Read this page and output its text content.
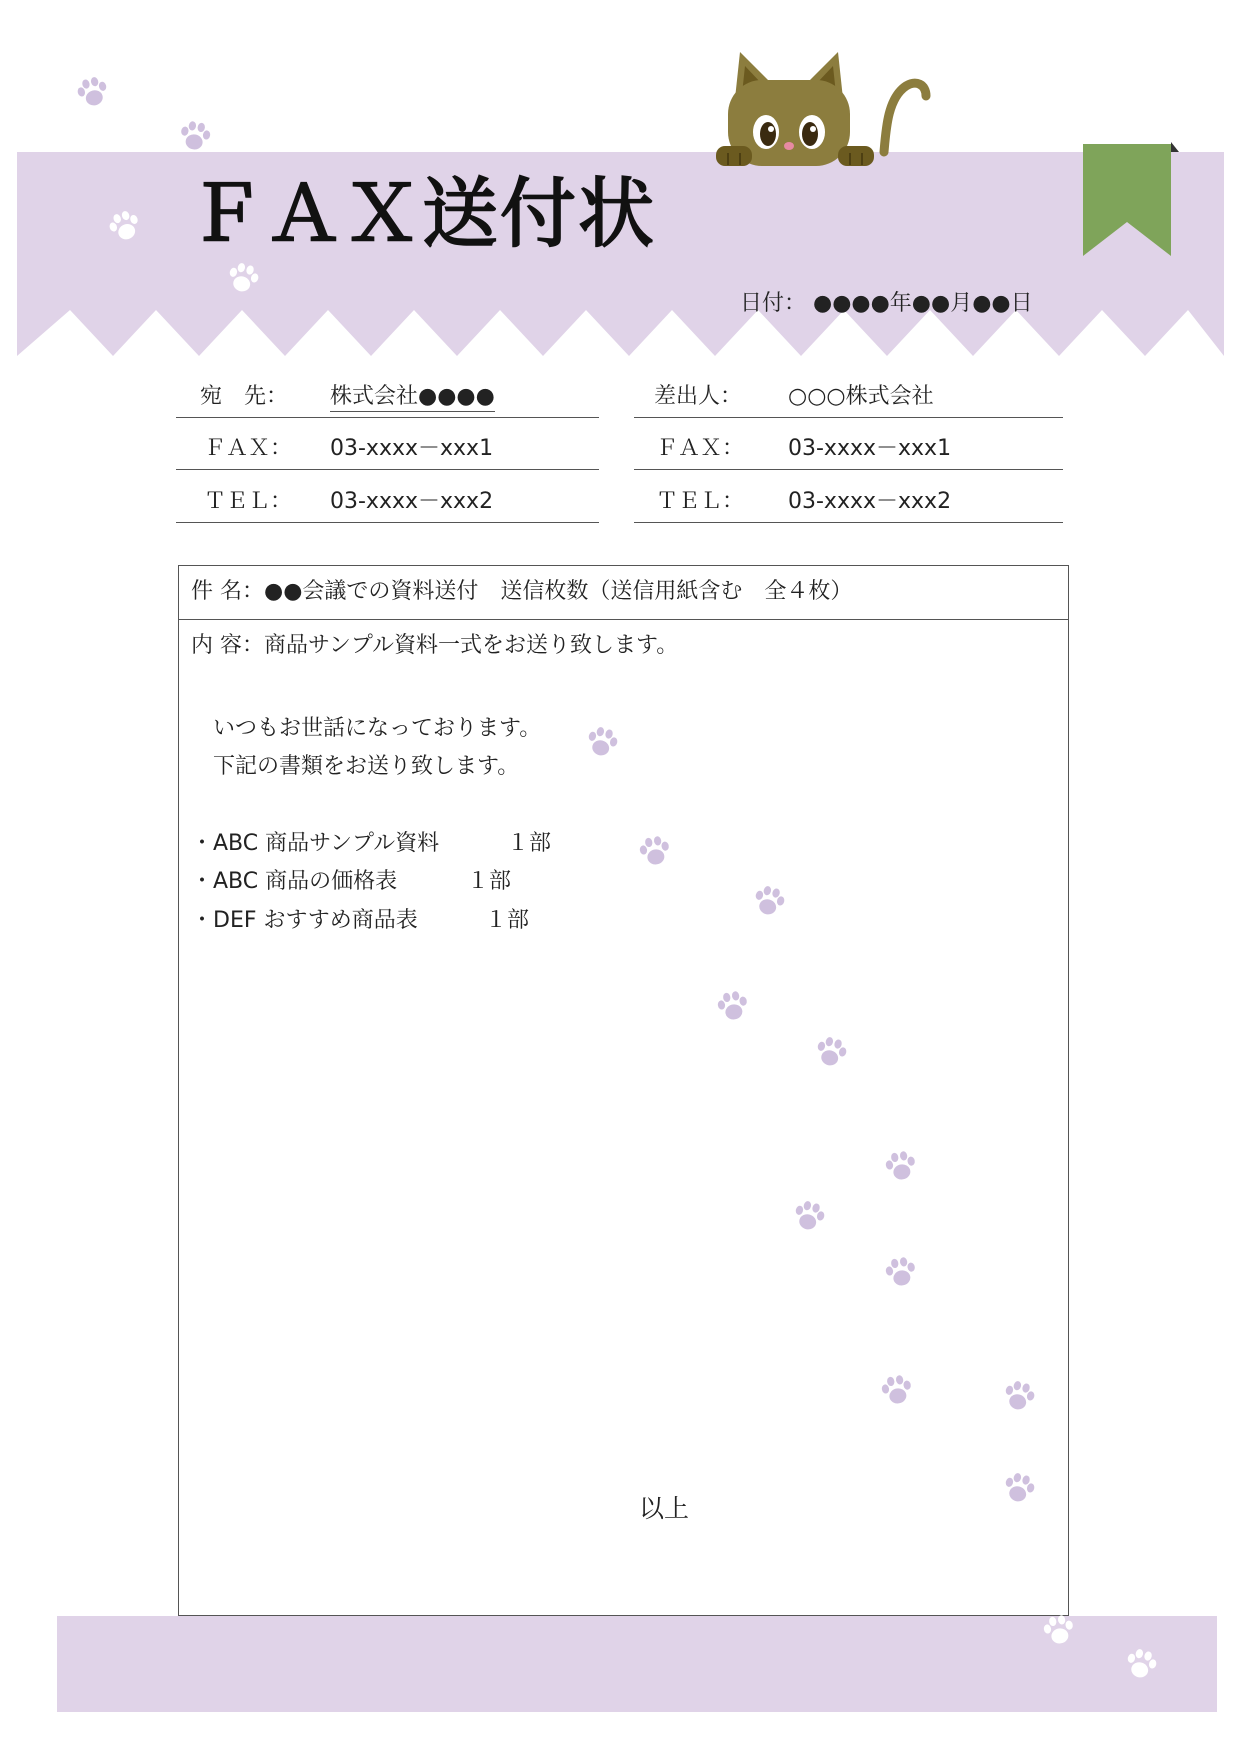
ＦＡＸ送付状
日付： ●●●●年●●月●●日
宛　先： 株式会社●●●●
ＦＡＸ： 03-xxxx－xxx1
ＴＥＬ： 03-xxxx－xxx2
差出人： ○○○株式会社
ＦＡＸ： 03-xxxx－xxx1
ＴＥＬ： 03-xxxx－xxx2
件 名：●●会議での資料送付　送信枚数（送信用紙含む　全４枚）
内 容：商品サンプル資料一式をお送り致します。
いつもお世話になっております。
下記の書類をお送り致します。
・ABC 商品サンプル資料	１部
・ABC 商品の価格表	１部
・DEF おすすめ商品表	１部
以上
